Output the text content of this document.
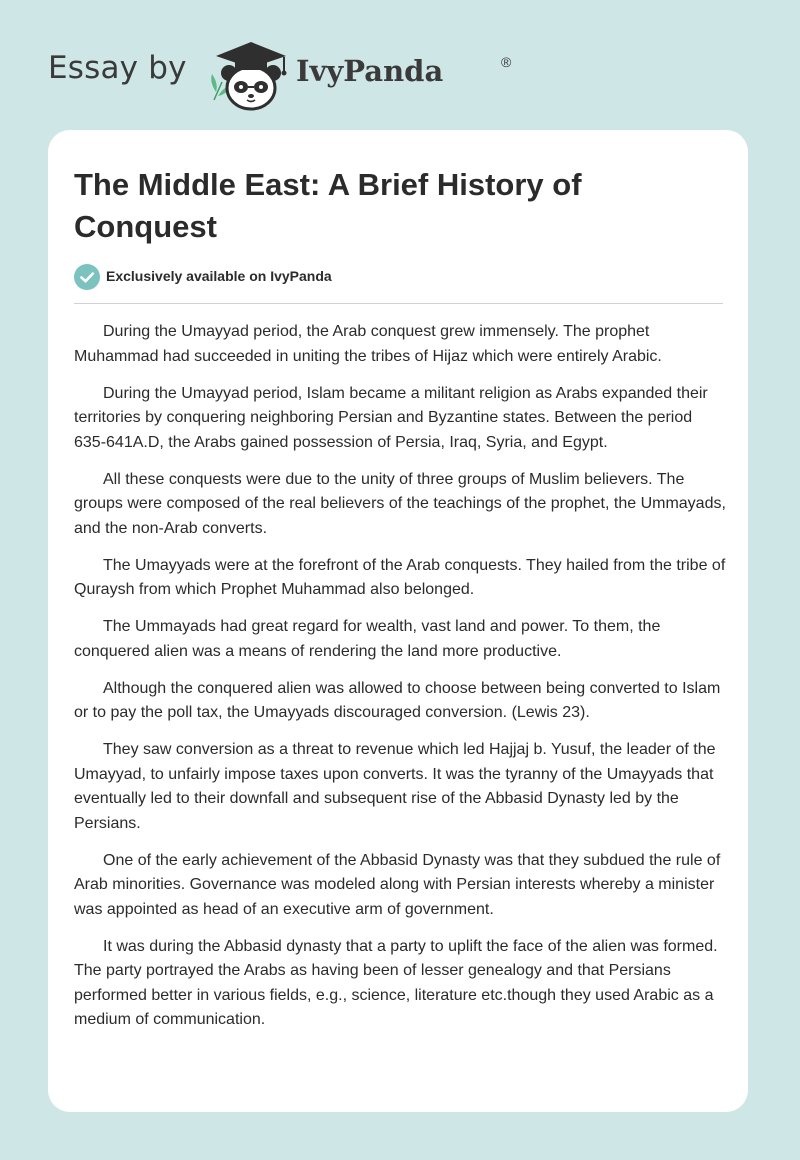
Essay by	IvyPanda	®
The Middle East: A Brief History of Conquest
Exclusively available on IvyPanda

During the Umayyad period, the Arab conquest grew immensely. The prophet Muhammad had succeeded in uniting the tribes of Hijaz which were entirely Arabic.

During the Umayyad period, Islam became a militant religion as Arabs expanded their territories by conquering neighboring Persian and Byzantine states. Between the period 635-641A.D, the Arabs gained possession of Persia, Iraq, Syria, and Egypt.

All these conquests were due to the unity of three groups of Muslim believers. The groups were composed of the real believers of the teachings of the prophet, the Ummayads, and the non-Arab converts.

The Umayyads were at the forefront of the Arab conquests. They hailed from the tribe of Quraysh from which Prophet Muhammad also belonged.

The Ummayads had great regard for wealth, vast land and power. To them, the conquered alien was a means of rendering the land more productive.

Although the conquered alien was allowed to choose between being converted to Islam or to pay the poll tax, the Umayyads discouraged conversion. (Lewis 23).

They saw conversion as a threat to revenue which led Hajjaj b. Yusuf, the leader of the Umayyad, to unfairly impose taxes upon converts. It was the tyranny of the Umayyads that eventually led to their downfall and subsequent rise of the Abbasid Dynasty led by the Persians.

One of the early achievement of the Abbasid Dynasty was that they subdued the rule of Arab minorities. Governance was modeled along with Persian interests whereby a minister was appointed as head of an executive arm of government.

It was during the Abbasid dynasty that a party to uplift the face of the alien was formed. The party portrayed the Arabs as having been of lesser genealogy and that Persians performed better in various fields, e.g., science, literature etc.though they used Arabic as a medium of communication.
